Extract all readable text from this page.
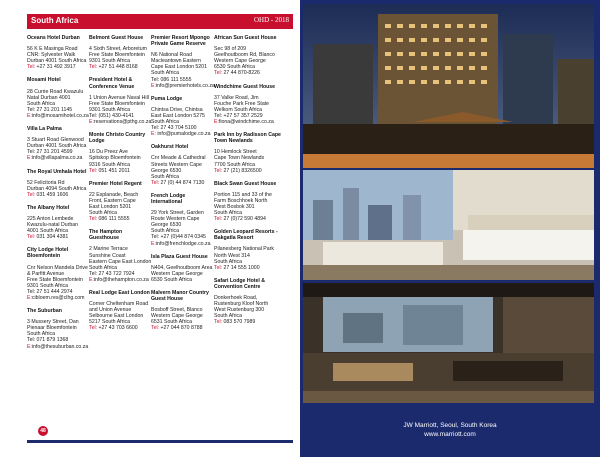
South Africa	OHD - 2018
Oceans Hotel Durban
56 K E Masinga Road
CNR: Sylvester Walk
Durban 4001 South Africa
Tel: +27 31 492 3917
Mosami Hotel
28 Currie Road Kwazulu
Natal Durban 4001
South Africa
Tel: 27 31 201 1145
E:info@mosamihotel.co.za
Villa La Palma
3 Stuart Road Glenwood
Durban 4001 South Africa
Tel: 27 31 201 4599
E:info@villapalma.co.za
The Royal Umhala Hotel
52 Felicitoria Rd
Durban 4094 South Africa
Tel: 031 459 1606
The Albany Hotel
225 Anton Lembede
Kwazulu-natal Durban
4001 South Africa
Tel: 031 304 4381
City Lodge Hotel Bloemfontein
Cnr Nelson Mandela Drive
& Parfitt Avenue
Free State Bloemfontein
9301 South Africa
Tel: 27 51 444 2974
E:cibloem.res@clhg.com
The Suburban
3 Mussery Street, Dan
Pienaar Bloemfontein
South Africa
Tel: 071 879 1368
E:info@thesuburban.co.za
Belmont Guest House
4 Sixth Street, Arboretum
Free State Bloemfontein
9301 South Africa
Tel: +27 51 448 8168
President Hotel & Conference Venue
1 Union Avenue Naval Hill
Free State Bloemfontein
9301 South Africa
Tel: (051) 430-4141
E:reservations@pthg.co.za
Monte Christo Country Lodge
16 Du Preez Ave
Spitskop Bloemfontein
9316 South Africa
Tel: 051 451 2011
Premier Hotel Regent
22 Esplanade, Beach
Front, Eastern Cape
East London 5201
South Africa
Tel: 086 111 5555
The Hampton Guesthouse
2 Marine Terrace
Sunshine Coast
Eastern Cape East London
South Africa
Tel: 27 43 722 7924
E:info@thehampton.co.za
Real Lodge East London
Corner Cheltenham Road
and Union Avenue
Selbourne East London
5217 South Africa
Tel: +27 43 703 6600
Premier Resort Mpongo Private Game Reserve
N6 National Road
Macleantown Eastern
Cape East London 5201
South Africa
Tel: 086 111 5555
E:info@premierhotels.co.za
Puma Lodge
Chintsa Drive, Chintsa
East East London 5275
South Africa
Tel: 27 43 704 5100
E: info@pumalodge.co.za
Oakhurst Hotel
Cnr Meade & Cathedral
Streets Western Cape
George 6530
South Africa
Tel: 27 (0) 44 874 7130
French Lodge International
29 York Street, Garden
Route Western Cape
George 6530
South Africa
Tel: +27 (0)44 874 0345
E:info@frenchlodge.co.za
Isla Plaza Guest House
N404, Geelhoutboom Area
Western Cape George
6530 South Africa
Malvern Manor Country Guest House
Bosboff Street, Blanco
Western Cape George
6531 South Africa
Tel: +27 044 870 8788
African Sun Guest House
Sec 98 of 209
Geelhoutboom Rd, Blanco
Western Cape George
6530 South Africa
Tel: 27 44 870-8226
Windchime Guest House
37 Valke Road, Jim
Fouche Park Free State
Welkom South Africa
Tel: +27 57 357 2529
E:fiona@windchime.co.za
Park Inn by Radisson Cape Town Newlands
10 Hemlock Street
Cape Town Newlands
7700 South Africa
Tel: 27 (21) 8326500
Black Swan Guest House
Portion 115 and 33 of the
Farm Boschhoek North
West Bosbok 301
South Africa
Tel: 27 (0)72 590 4894
Golden Leopard Resorts - Bakgatla Resort
Pilanesberg National Park
North West 314
South Africa
Tel: 27 14 555 1000
Safari Lodge Hotel & Convention Centre
Donkerhoek Road,
Rustenburg Kloof North
West Rustenburg 300
South Africa
Tel: 083 570 7989
48
JW Marriott, Seoul, South Korea
www.marriott.com
